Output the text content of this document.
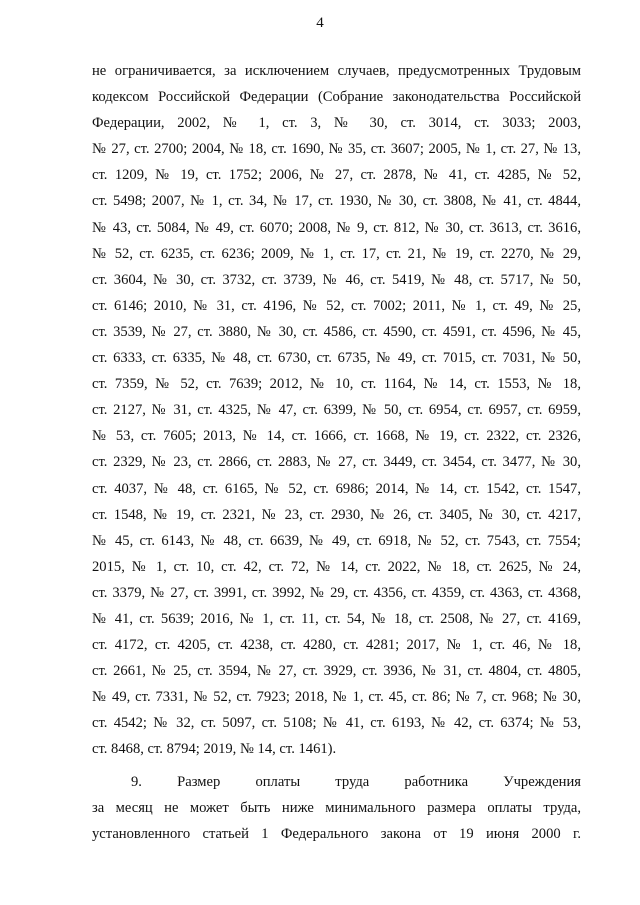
4
не ограничивается, за исключением случаев, предусмотренных Трудовым
кодексом Российской Федерации (Собрание законодательства Российской
Федерации, 2002, № 1, ст. 3, № 30, ст. 3014, ст. 3033; 2003,
№ 27, ст. 2700; 2004, № 18, ст. 1690, № 35, ст. 3607; 2005, № 1, ст. 27, № 13,
ст. 1209, № 19, ст. 1752; 2006, № 27, ст. 2878, № 41, ст. 4285, № 52,
ст. 5498; 2007, № 1, ст. 34, № 17, ст. 1930, № 30, ст. 3808, № 41, ст. 4844,
№ 43, ст. 5084, № 49, ст. 6070; 2008, № 9, ст. 812, № 30, ст. 3613, ст. 3616,
№ 52, ст. 6235, ст. 6236; 2009, № 1, ст. 17, ст. 21, № 19, ст. 2270, № 29,
ст. 3604, № 30, ст. 3732, ст. 3739, № 46, ст. 5419, № 48, ст. 5717, № 50,
ст. 6146; 2010, № 31, ст. 4196, № 52, ст. 7002; 2011, № 1, ст. 49, № 25,
ст. 3539, № 27, ст. 3880, № 30, ст. 4586, ст. 4590, ст. 4591, ст. 4596, № 45,
ст. 6333, ст. 6335, № 48, ст. 6730, ст. 6735, № 49, ст. 7015, ст. 7031, № 50,
ст. 7359, № 52, ст. 7639; 2012, № 10, ст. 1164, № 14, ст. 1553, № 18,
ст. 2127, № 31, ст. 4325, № 47, ст. 6399, № 50, ст. 6954, ст. 6957, ст. 6959,
№ 53, ст. 7605; 2013, № 14, ст. 1666, ст. 1668, № 19, ст. 2322, ст. 2326,
ст. 2329, № 23, ст. 2866, ст. 2883, № 27, ст. 3449, ст. 3454, ст. 3477, № 30,
ст. 4037, № 48, ст. 6165, № 52, ст. 6986; 2014, № 14, ст. 1542, ст. 1547,
ст. 1548, № 19, ст. 2321, № 23, ст. 2930, № 26, ст. 3405, № 30, ст. 4217,
№ 45, ст. 6143, № 48, ст. 6639, № 49, ст. 6918, № 52, ст. 7543, ст. 7554;
2015, № 1, ст. 10, ст. 42, ст. 72, № 14, ст. 2022, № 18, ст. 2625, № 24,
ст. 3379, № 27, ст. 3991, ст. 3992, № 29, ст. 4356, ст. 4359, ст. 4363, ст. 4368,
№ 41, ст. 5639; 2016, № 1, ст. 11, ст. 54, № 18, ст. 2508, № 27, ст. 4169,
ст. 4172, ст. 4205, ст. 4238, ст. 4280, ст. 4281; 2017, № 1, ст. 46, № 18,
ст. 2661, № 25, ст. 3594, № 27, ст. 3929, ст. 3936, № 31, ст. 4804, ст. 4805,
№ 49, ст. 7331, № 52, ст. 7923; 2018, № 1, ст. 45, ст. 86; № 7, ст. 968; № 30,
ст. 4542; № 32, ст. 5097, ст. 5108; № 41, ст. 6193, № 42, ст. 6374; № 53,
ст. 8468, ст. 8794; 2019, № 14, ст. 1461).
9. Размер оплаты труда работника Учреждения
за месяц не может быть ниже минимального размера оплаты труда,
установленного статьей 1 Федерального закона от 19 июня 2000 г.
